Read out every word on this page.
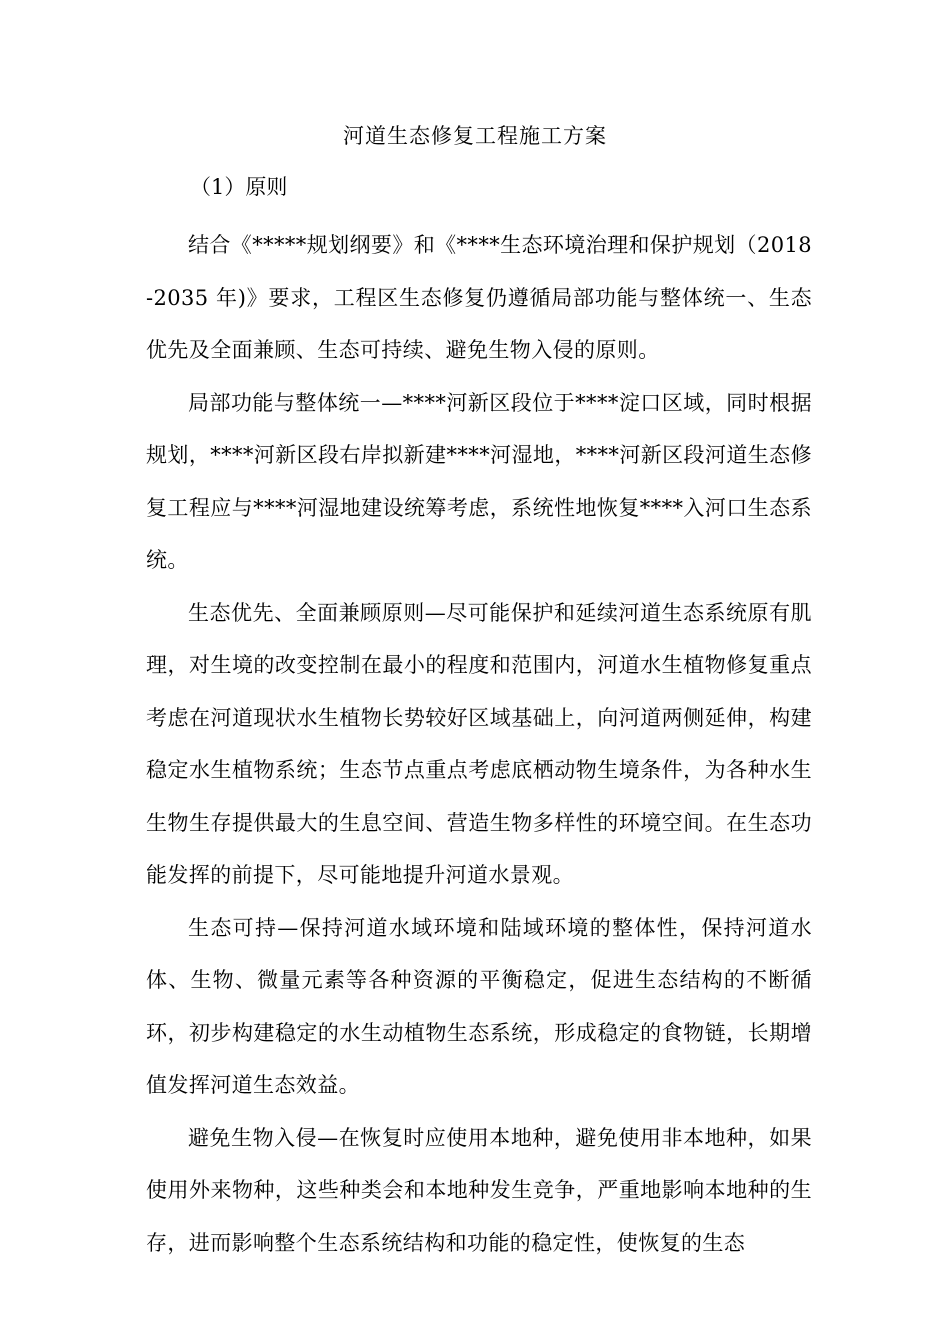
河道生态修复工程施工方案
（1）原则

结合《*****规划纲要》和《****生态环境治理和保护规划（2018-2035 年)》要求，工程区生态修复仍遵循局部功能与整体统一、生态优先及全面兼顾、生态可持续、避免生物入侵的原则。

局部功能与整体统一—****河新区段位于****淀口区域，同时根据规划，****河新区段右岸拟新建****河湿地，****河新区段河道生态修复工程应与****河湿地建设统筹考虑，系统性地恢复****入河口生态系统。

生态优先、全面兼顾原则—尽可能保护和延续河道生态系统原有肌理，对生境的改变控制在最小的程度和范围内，河道水生植物修复重点考虑在河道现状水生植物长势较好区域基础上，向河道两侧延伸，构建稳定水生植物系统；生态节点重点考虑底栖动物生境条件，为各种水生生物生存提供最大的生息空间、营造生物多样性的环境空间。在生态功能发挥的前提下，尽可能地提升河道水景观。

生态可持—保持河道水域环境和陆域环境的整体性，保持河道水体、生物、微量元素等各种资源的平衡稳定，促进生态结构的不断循环，初步构建稳定的水生动植物生态系统，形成稳定的食物链，长期增值发挥河道生态效益。

避免生物入侵—在恢复时应使用本地种，避免使用非本地种，如果使用外来物种，这些种类会和本地种发生竞争，严重地影响本地种的生存，进而影响整个生态系统结构和功能的稳定性，使恢复的生态
